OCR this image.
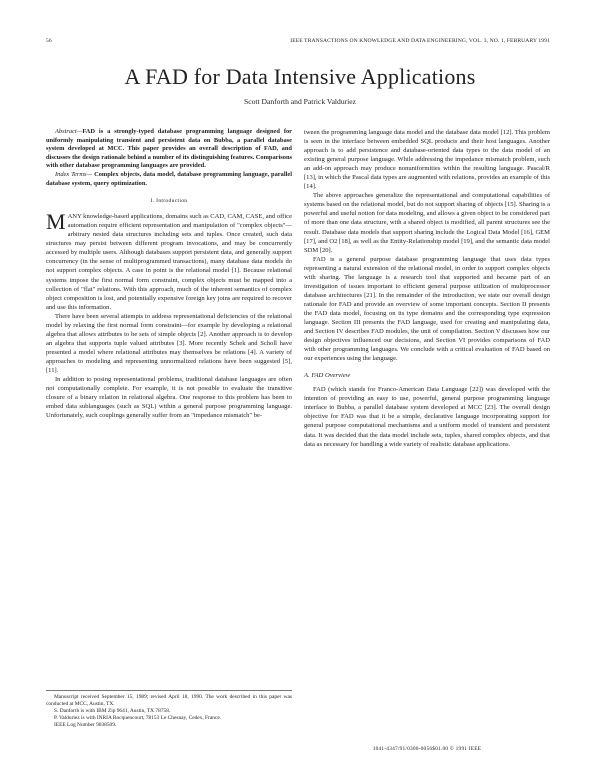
56	IEEE TRANSACTIONS ON KNOWLEDGE AND DATA ENGINEERING, VOL. 3, NO. 1, FEBRUARY 1991
A FAD for Data Intensive Applications
Scott Danforth and Patrick Valduriez

Abstract—FAD is a strongly-typed database programming language designed for uniformly manipulating transient and persistent data on Bubba, a parallel database system developed at MCC. This paper provides an overall description of FAD, and discusses the design rationale behind a number of its distinguishing features. Comparisons with other database programming languages are provided.

Index Terms— Complex objects, data model, database programming language, parallel database system, query optimization.

I. Introduction

MANY knowledge-based applications, domains such as CAD, CAM, CASE, and office automation require efficient representation and manipulation of "complex objects"—arbitrary nested data structures including sets and tuples. Once created, such data structures may persist between different program invocations, and may be concurrently accessed by multiple users. Although databases support persistent data, and generally support concurrency (in the sense of multiprogrammed transactions), many database data models do not support complex objects. A case in point is the relational model [1]. Because relational systems impose the first normal form constraint, complex objects must be mapped into a collection of "flat" relations. With this approach, much of the inherent semantics of complex object composition is lost, and potentially expensive foreign key joins are required to recover and use this information.

There have been several attempts to address representational deficiencies of the relational model by relaxing the first normal form constraint—for example by developing a relational algebra that allows attributes to be sets of simple objects [2]. Another approach is to develop an algebra that supports tuple valued attributes [3]. More recently Schek and Scholl have presented a model where relational attributes may themselves be relations [4]. A variety of approaches to modeling and representing unnormalized relations have been suggested [5], [11].

In addition to posing representational problems, traditional database languages are often not computationally complete. For example, it is not possible to evaluate the transitive closure of a binary relation in relational algebra. One response to this problem has been to embed data sublanguages (such as SQL) within a general purpose programming language. Unfortunately, such couplings generally suffer from an "impedance mismatch" be-

Manuscript received September 15, 1989; revised April 18, 1990. The work described in this paper was conducted at MCC, Austin, TX.
S. Danforth is with IBM Zip 9641, Austin, TX 78758.
P. Valduriez is with INRIA Rocquencourt, 78153 Le Chesnay, Cedex, France.
IEEE Log Number 9038509.

tween the programming language data model and the database data model [12]. This problem is seen in the interface between embedded SQL products and their host languages. Another approach is to add persistence and database-oriented data types to the data model of an existing general purpose language. While addressing the impedance mismatch problem, such an add-on approach may produce nonuniformities within the resulting language. Pascal/R [13], in which the Pascal data types are augmented with relations, provides an example of this [14].

The above approaches generalize the representational and computational capabilities of systems based on the relational model, but do not support sharing of objects [15]. Sharing is a powerful and useful notion for data modeling, and allows a given object to be considered part of more than one data structure, with a shared object is modified, all parent structures see the result. Database data models that support sharing include the Logical Data Model [16], GEM [17], and O2 [18], as well as the Entity-Relationship model [19], and the semantic data model SDM [20].

FAD is a general purpose database programming language that uses data types representing a natural extension of the relational model, in order to support complex objects with sharing. The language is a research tool that supported and became part of an investigation of issues important to efficient general purpose utilization of multiprocessor database architectures [21]. In the remainder of the introduction, we state our overall design rationale for FAD and provide an overview of some important concepts. Section II presents the FAD data model, focusing on its type domains and the corresponding type expression language. Section III presents the FAD language, used for creating and manipulating data, and Section IV describes FAD modules, the unit of compilation. Section V discusses how our design objectives influenced our decisions, and Section VI provides comparisons of FAD with other programming languages. We conclude with a critical evaluation of FAD based on our experiences using the language.

A. FAD Overview

FAD (which stands for Franco-American Data Language [22]) was developed with the intention of providing an easy to use, powerful, general purpose programming language interface to Bubba, a parallel database system developed at MCC [23]. The overall design objective for FAD was that it be a simple, declarative language incorporating support for general purpose computational mechanisms and a uniform model of transient and persistent data. It was decided that the data model include sets, tuples, shared complex objects, and that data as necessary for handling a wide variety of realistic database applications.

1041-4347/91/0300-0056$01.00 © 1991 IEEE
